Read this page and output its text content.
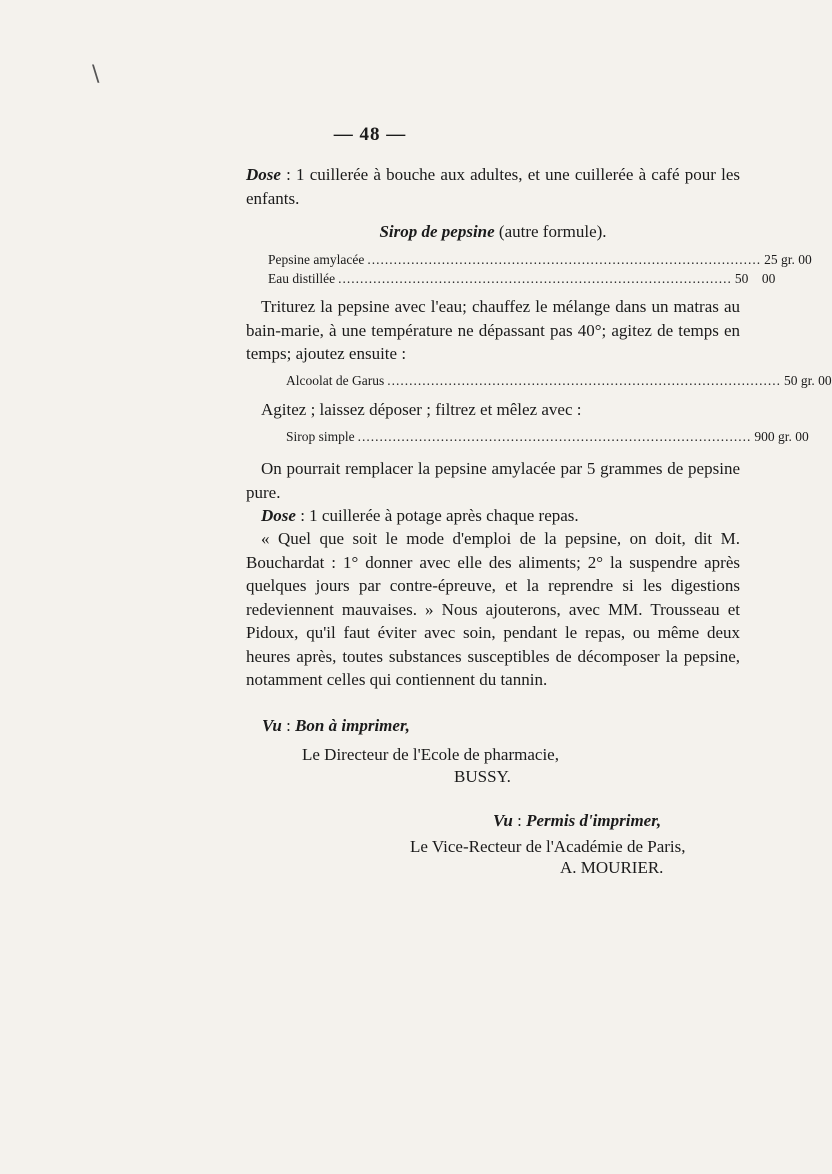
\
— 48 —
Dose : 1 cuillerée à bouche aux adultes, et une cuillerée à café pour les enfants.
Sirop de pepsine (autre formule).
Pepsine amylacée .......................................................................................... 25 gr. 00
Eau distillée .......................................................................................... 50    00
Triturez la pepsine avec l'eau; chauffez le mélange dans un matras au bain-marie, à une température ne dépassant pas 40°; agitez de temps en temps; ajoutez ensuite :
Alcoolat de Garus .......................................................................................... 50 gr. 00
Agitez ; laissez déposer ; filtrez et mêlez avec :
Sirop simple .......................................................................................... 900 gr. 00
On pourrait remplacer la pepsine amylacée par 5 grammes de pepsine pure.
Dose : 1 cuillerée à potage après chaque repas.
« Quel que soit le mode d'emploi de la pepsine, on doit, dit M. Bouchardat : 1° donner avec elle des aliments; 2° la suspendre après quelques jours par contre-épreuve, et la reprendre si les digestions redeviennent mauvaises. » Nous ajouterons, avec MM. Trousseau et Pidoux, qu'il faut éviter avec soin, pendant le repas, ou même deux heures après, toutes substances susceptibles de décomposer la pepsine, notamment celles qui contiennent du tannin.
Vu : Bon à imprimer,
Le Directeur de l'Ecole de pharmacie,
BUSSY.
Vu : Permis d'imprimer,
Le Vice-Recteur de l'Académie de Paris,
A. MOURIER.
